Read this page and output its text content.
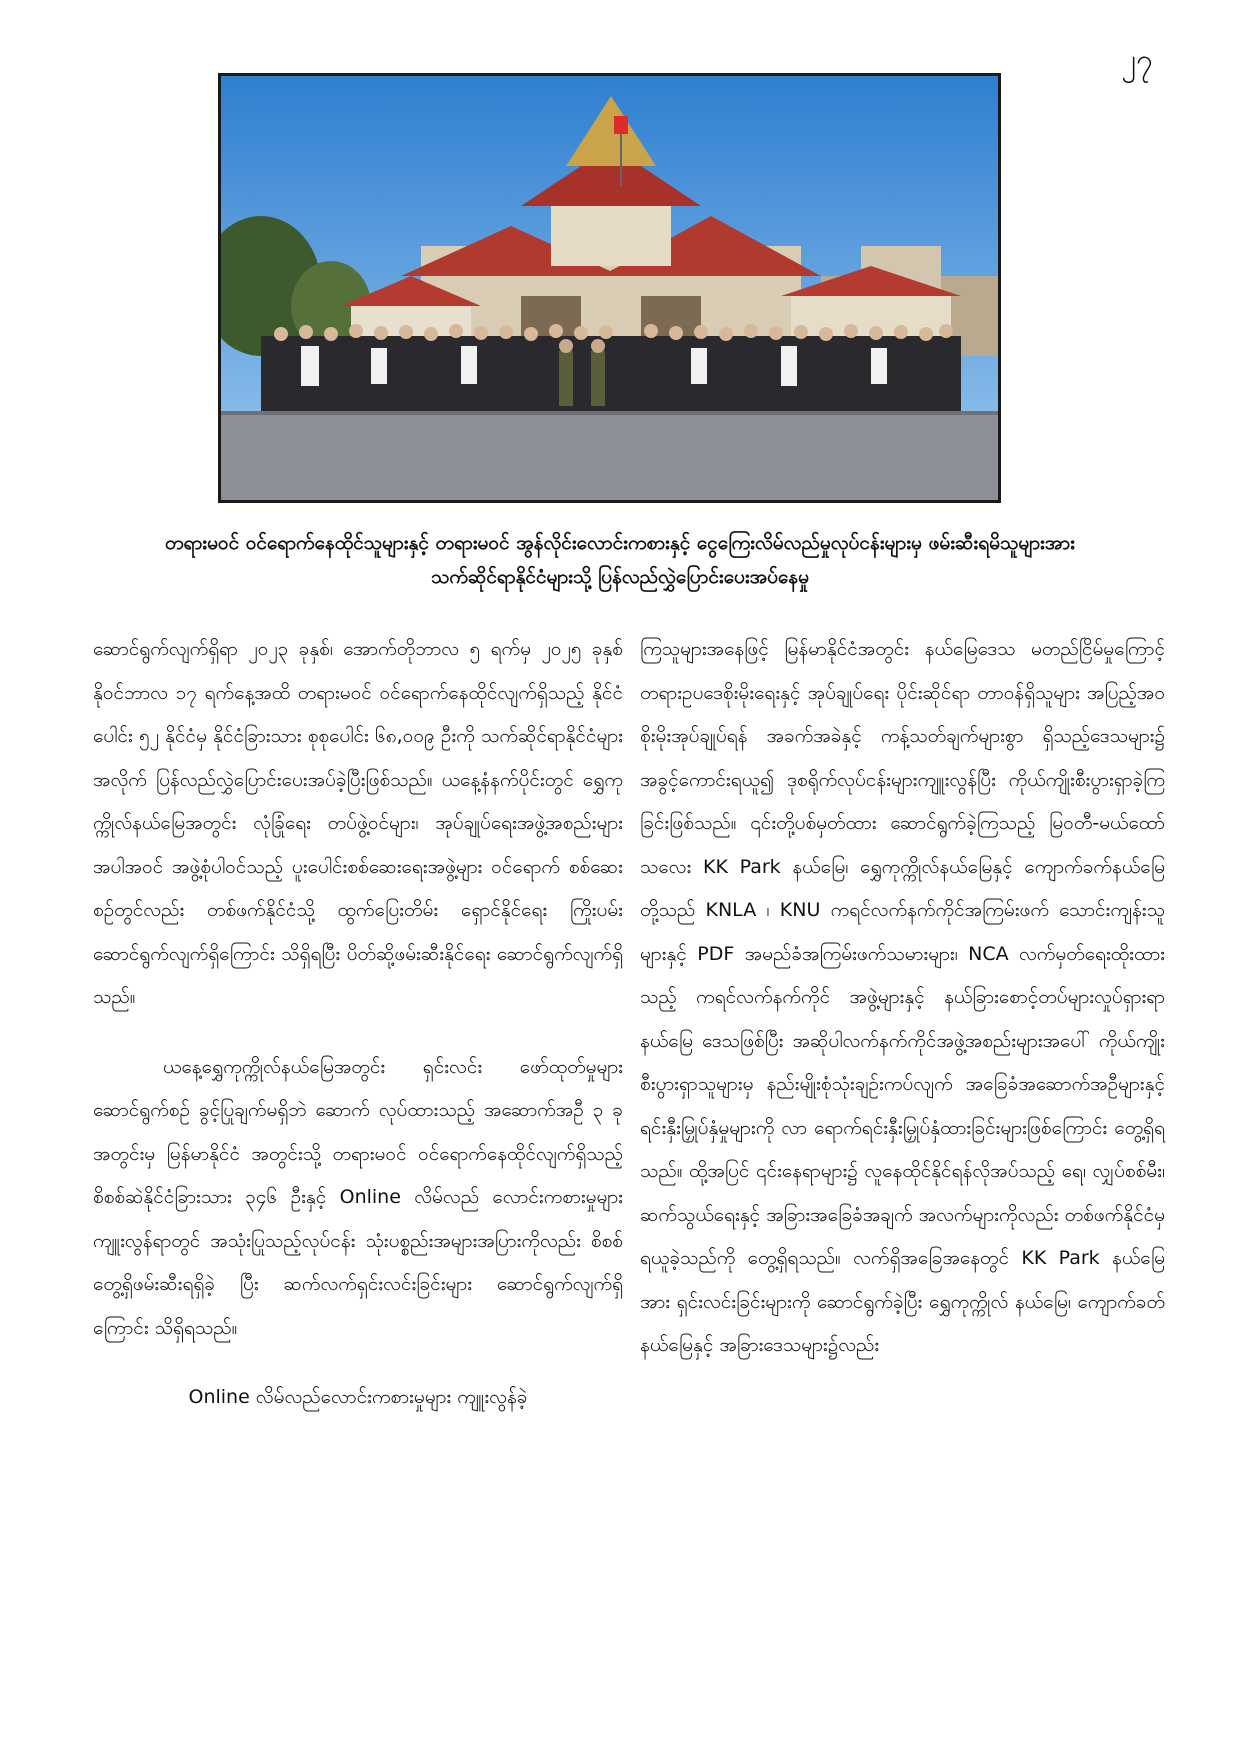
၂၇
တရားမဝင် ဝင်ရောက်နေထိုင်သူများနှင့် တရားမဝင် အွန်လိုင်းလောင်းကစားနှင့် ငွေကြေးလိမ်လည်မှုလုပ်ငန်းများမှ ဖမ်းဆီးရမိသူများအား
သက်ဆိုင်ရာနိုင်ငံများသို့ ပြန်လည်လွှဲပြောင်းပေးအပ်နေမှု

ဆောင်ရွက်လျက်ရှိရာ ၂၀၂၃ ခုနှစ်၊ အောက်တိုဘာလ ၅ ရက်မှ ၂၀၂၅ ခုနှစ် နိုဝင်ဘာလ ၁၇ ရက်နေ့အထိ တရားမဝင် ဝင်ရောက်နေထိုင်လျက်ရှိသည့် နိုင်ငံပေါင်း ၅၂ နိုင်ငံမှ နိုင်ငံခြားသား စုစုပေါင်း ၆၈,၀၀၉ ဦးကို သက်ဆိုင်ရာနိုင်ငံများအလိုက် ပြန်လည်လွှဲပြောင်းပေးအပ်ခဲ့ပြီးဖြစ်သည်။ ယနေ့နံနက်ပိုင်းတွင် ရွှေကုက္ကိုလ်နယ်မြေအတွင်း လုံခြုံရေး တပ်ဖွဲ့ဝင်များ၊ အုပ်ချုပ်ရေးအဖွဲ့အစည်းများအပါအဝင် အဖွဲ့စုံပါဝင်သည့် ပူးပေါင်းစစ်ဆေးရေးအဖွဲ့များ ဝင်ရောက် စစ်ဆေးစဉ်တွင်လည်း တစ်ဖက်နိုင်ငံသို့ ထွက်ပြေးတိမ်း ရှောင်နိုင်ရေး ကြိုးပမ်းဆောင်ရွက်လျက်ရှိကြောင်း သိရှိရပြီး ပိတ်ဆို့ဖမ်းဆီးနိုင်ရေး ဆောင်ရွက်လျက်ရှိသည်။

ယနေ့ရွှေကုက္ကိုလ်နယ်မြေအတွင်း ရှင်းလင်း ဖော်ထုတ်မှုများ ဆောင်ရွက်စဉ် ခွင့်ပြုချက်မရှိဘဲ ဆောက် လုပ်ထားသည့် အဆောက်အဦ ၃ ခုအတွင်းမှ မြန်မာနိုင်ငံ အတွင်းသို့ တရားမဝင် ဝင်ရောက်နေထိုင်လျက်ရှိသည့် စိစစ်ဆဲနိုင်ငံခြားသား ၃၄၆ ဦးနှင့် Online လိမ်လည် လောင်းကစားမှုများကျူးလွန်ရာတွင် အသုံးပြုသည့်လုပ်ငန်း သုံးပစ္စည်းအများအပြားကိုလည်း စိစစ်တွေ့ရှိဖမ်းဆီးရရှိခဲ့ ပြီး ဆက်လက်ရှင်းလင်းခြင်းများ ဆောင်ရွက်လျက်ရှိ ကြောင်း သိရှိရသည်။

Online လိမ်လည်လောင်းကစားမှုများ ကျူးလွန်ခဲ့

ကြသူများအနေဖြင့် မြန်မာနိုင်ငံအတွင်း နယ်မြေဒေသ မတည်ငြိမ်မှုကြောင့် တရားဥပဒေစိုးမိုးရေးနှင့် အုပ်ချုပ်ရေး ပိုင်းဆိုင်ရာ တာဝန်ရှိသူများ အပြည့်အဝစိုးမိုးအုပ်ချုပ်ရန် အခက်အခဲနှင့် ကန့်သတ်ချက်များစွာ ရှိသည့်ဒေသများ၌ အခွင့်ကောင်းရယူ၍ ဒုစရိုက်လုပ်ငန်းများကျူးလွန်ပြီး ကိုယ်ကျိုးစီးပွားရှာခဲ့ကြခြင်းဖြစ်သည်။ ၎င်းတို့ပစ်မှတ်ထား ဆောင်ရွက်ခဲ့ကြသည့် မြဝတီ-မယ်ထော်သလေး KK Park နယ်မြေ၊ ရွှေကုက္ကိုလ်နယ်မြေနှင့် ကျောက်ခက်နယ်မြေ တို့သည် KNLA ၊ KNU ကရင်လက်နက်ကိုင်အကြမ်းဖက် သောင်းကျန်းသူများနှင့် PDF အမည်ခံအကြမ်းဖက်သမားများ၊ NCA လက်မှတ်ရေးထိုးထားသည့် ကရင်လက်နက်ကိုင် အဖွဲ့များနှင့် နယ်ခြားစောင့်တပ်များလှုပ်ရှားရာ နယ်မြေ ဒေသဖြစ်ပြီး အဆိုပါလက်နက်ကိုင်အဖွဲ့အစည်းများအပေါ် ကိုယ်ကျိုးစီးပွားရှာသူများမှ နည်းမျိုးစုံသုံးချဉ်းကပ်လျက် အခြေခံအဆောက်အဦများနှင့် ရင်းနှီးမြှုပ်နှံမှုများကို လာ ရောက်ရင်းနှီးမြှုပ်နှံထားခြင်းများဖြစ်ကြောင်း တွေ့ရှိရသည်။ ထို့အပြင် ၎င်းနေရာများ၌ လူနေထိုင်နိုင်ရန်လိုအပ်သည့် ရေ၊ လျှပ်စစ်မီး၊ ဆက်သွယ်ရေးနှင့် အခြားအခြေခံအချက် အလက်များကိုလည်း တစ်ဖက်နိုင်ငံမှ ရယူခဲ့သည်ကို တွေ့ရှိရသည်။ လက်ရှိအခြေအနေတွင် KK Park နယ်မြေ အား ရှင်းလင်းခြင်းများကို ဆောင်ရွက်ခဲ့ပြီး ရွှေကုက္ကိုလ် နယ်မြေ၊ ကျောက်ခတ်နယ်မြေနှင့် အခြားဒေသများ၌လည်း
